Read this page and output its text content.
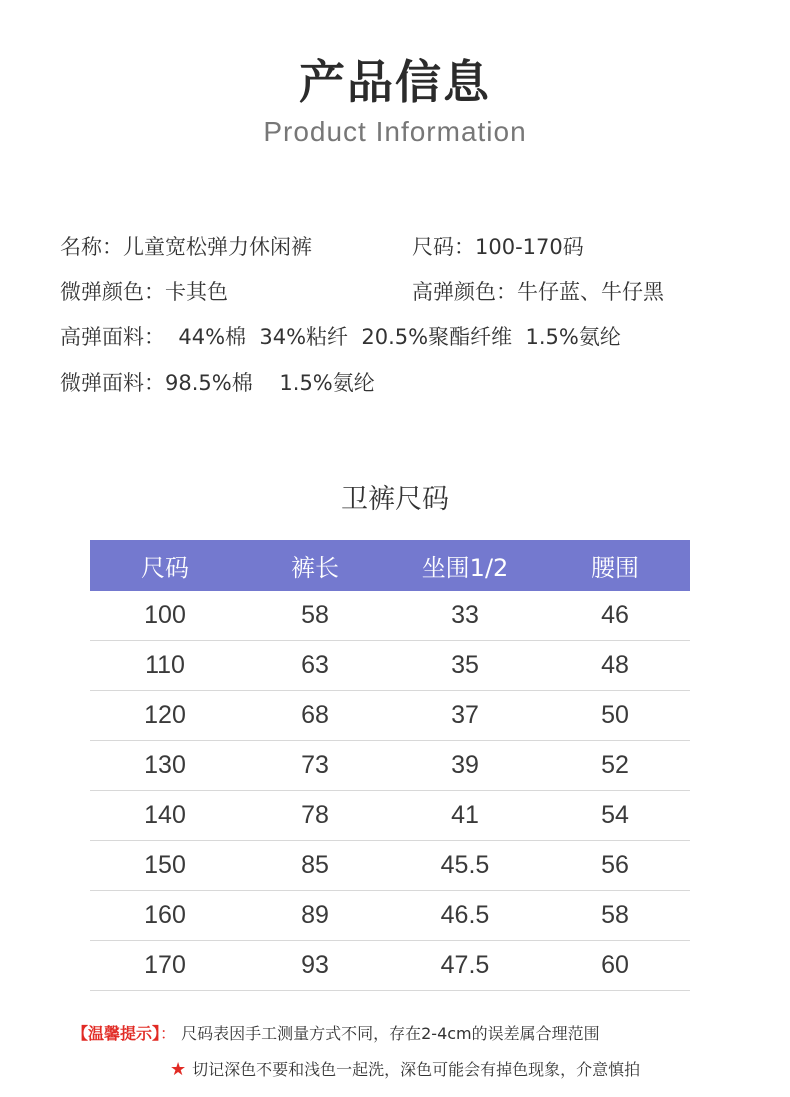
产品信息
Product Information
名称：儿童宽松弹力休闲裤	尺码：100-170码
微弹颜色：卡其色	高弹颜色：牛仔蓝、牛仔黑
高弹面料：  44%棉  34%粘纤  20.5%聚酯纤维  1.5%氨纶
微弹面料：98.5%棉    1.5%氨纶
卫裤尺码
尺码	裤长	坐围1/2	腰围
100	58	33	46
110	63	35	48
120	68	37	50
130	73	39	52
140	78	41	54
150	85	45.5	56
160	89	46.5	58
170	93	47.5	60
【温馨提示】： 尺码表因手工测量方式不同，存在2-4cm的误差属合理范围
★ 切记深色不要和浅色一起洗，深色可能会有掉色现象，介意慎拍
